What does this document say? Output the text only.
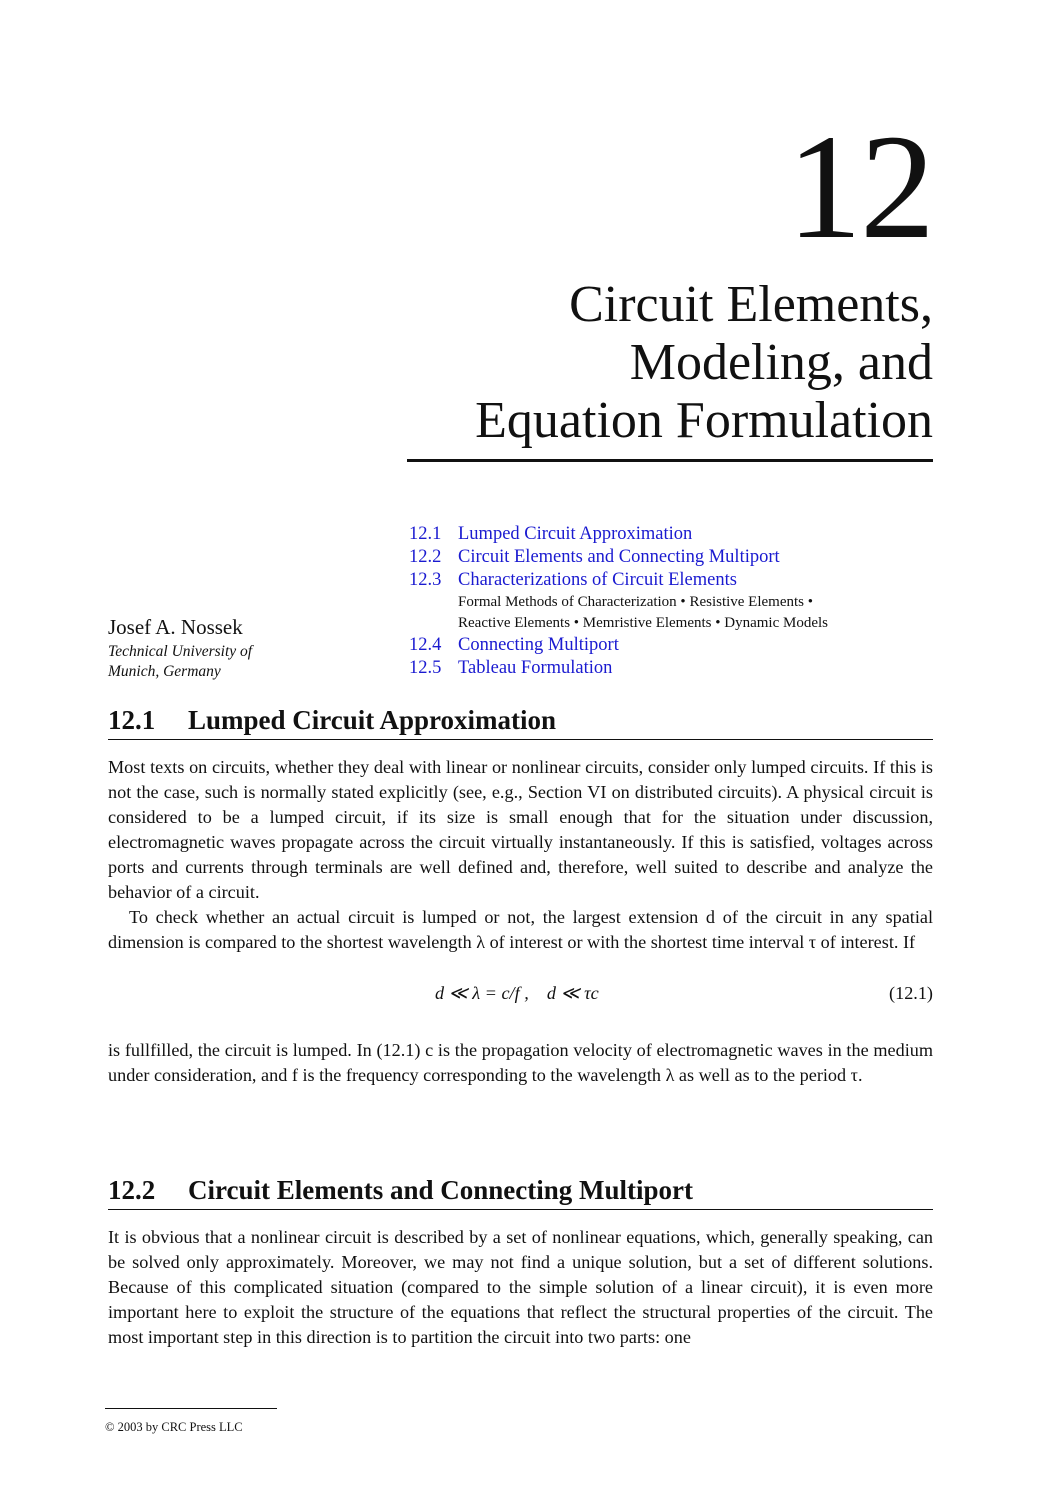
12
Circuit Elements,
Modeling, and
Equation Formulation
12.1 Lumped Circuit Approximation
12.2 Circuit Elements and Connecting Multiport
12.3 Characterizations of Circuit Elements
Formal Methods of Characterization • Resistive Elements •
Reactive Elements • Memristive Elements • Dynamic Models
12.4 Connecting Multiport
12.5 Tableau Formulation
Josef A. Nossek
Technical University of
Munich, Germany
12.1 Lumped Circuit Approximation

Most texts on circuits, whether they deal with linear or nonlinear circuits, consider only lumped circuits. If this is not the case, such is normally stated explicitly (see, e.g., Section VI on distributed circuits). A physical circuit is considered to be a lumped circuit, if its size is small enough that for the situation under discussion, electromagnetic waves propagate across the circuit virtually instantaneously. If this is satisfied, voltages across ports and currents through terminals are well defined and, therefore, well suited to describe and analyze the behavior of a circuit.

To check whether an actual circuit is lumped or not, the largest extension d of the circuit in any spatial dimension is compared to the shortest wavelength λ of interest or with the shortest time interval τ of interest. If

d ≪ λ = c/f ,    d ≪ τc	(12.1)

is fullfilled, the circuit is lumped. In (12.1) c is the propagation velocity of electromagnetic waves in the medium under consideration, and f is the frequency corresponding to the wavelength λ as well as to the period τ.

12.2 Circuit Elements and Connecting Multiport

It is obvious that a nonlinear circuit is described by a set of nonlinear equations, which, generally speaking, can be solved only approximately. Moreover, we may not find a unique solution, but a set of different solutions. Because of this complicated situation (compared to the simple solution of a linear circuit), it is even more important here to exploit the structure of the equations that reflect the structural properties of the circuit. The most important step in this direction is to partition the circuit into two parts: one

© 2003 by CRC Press LLC
